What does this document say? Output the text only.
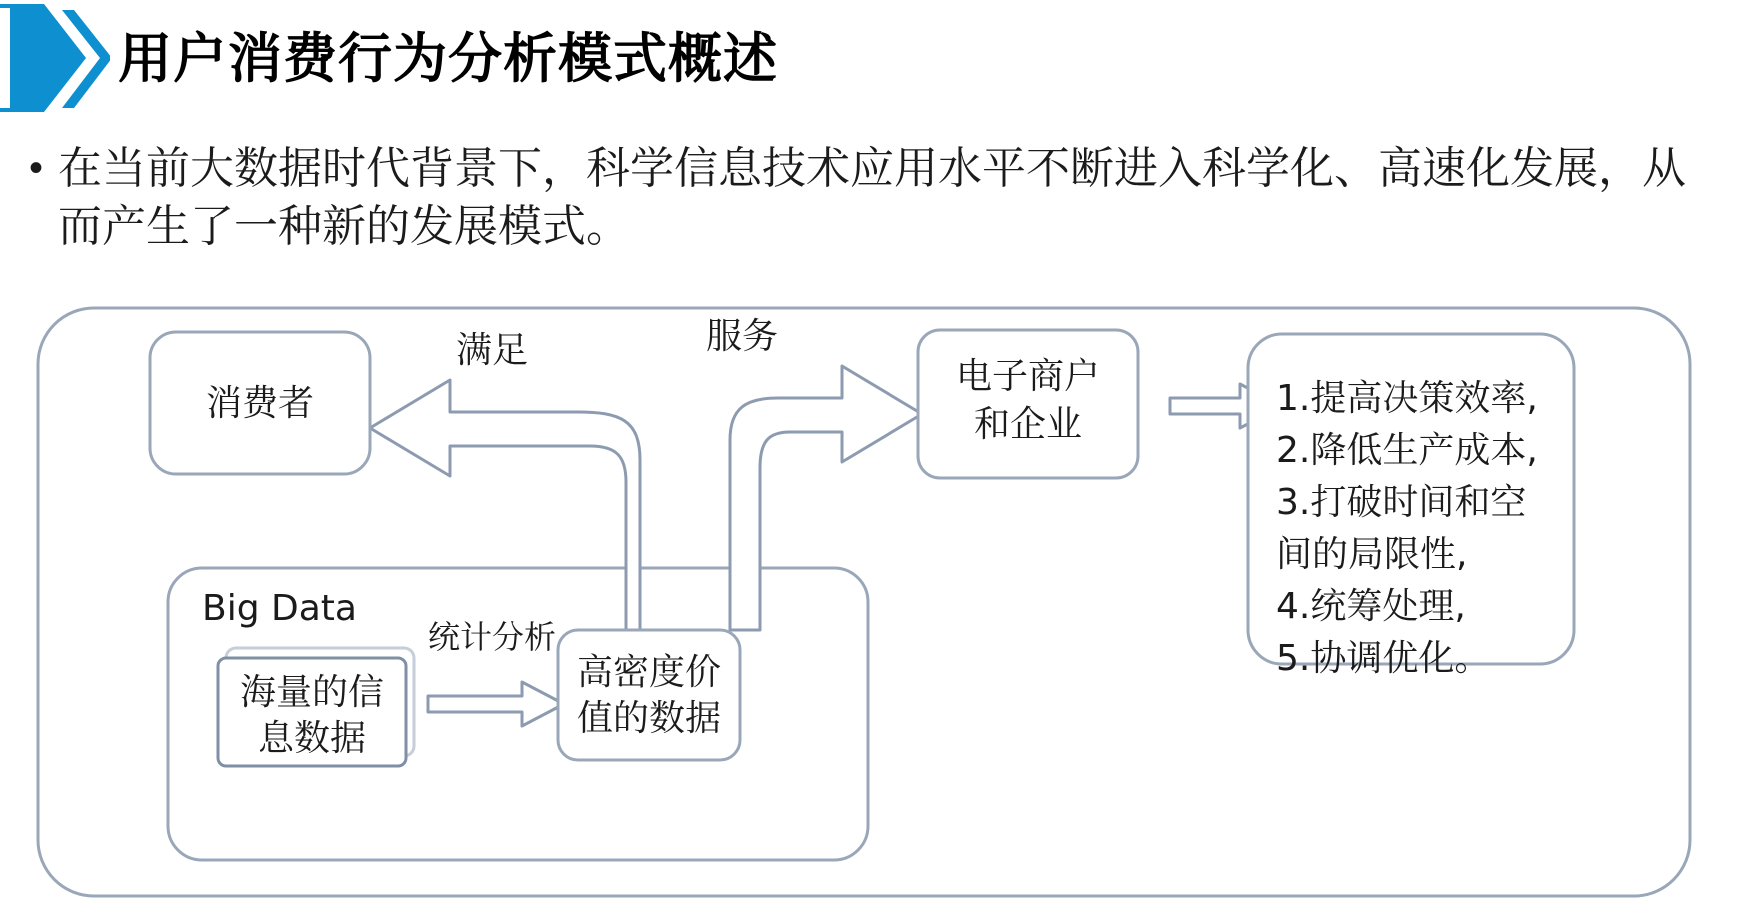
用户消费行为分析模式概述
• 在当前大数据时代背景下，科学信息技术应用水平不断进入科学化、高速化发展，从而产生了一种新的发展模式。
消费者
电子商户
和企业
1.提高决策效率,
2.降低生产成本,
3.打破时间和空
间的局限性,
4.统筹处理,
5.协调优化。
Big Data
海量的信
息数据
高密度价
值的数据
满足	服务
统计分析
